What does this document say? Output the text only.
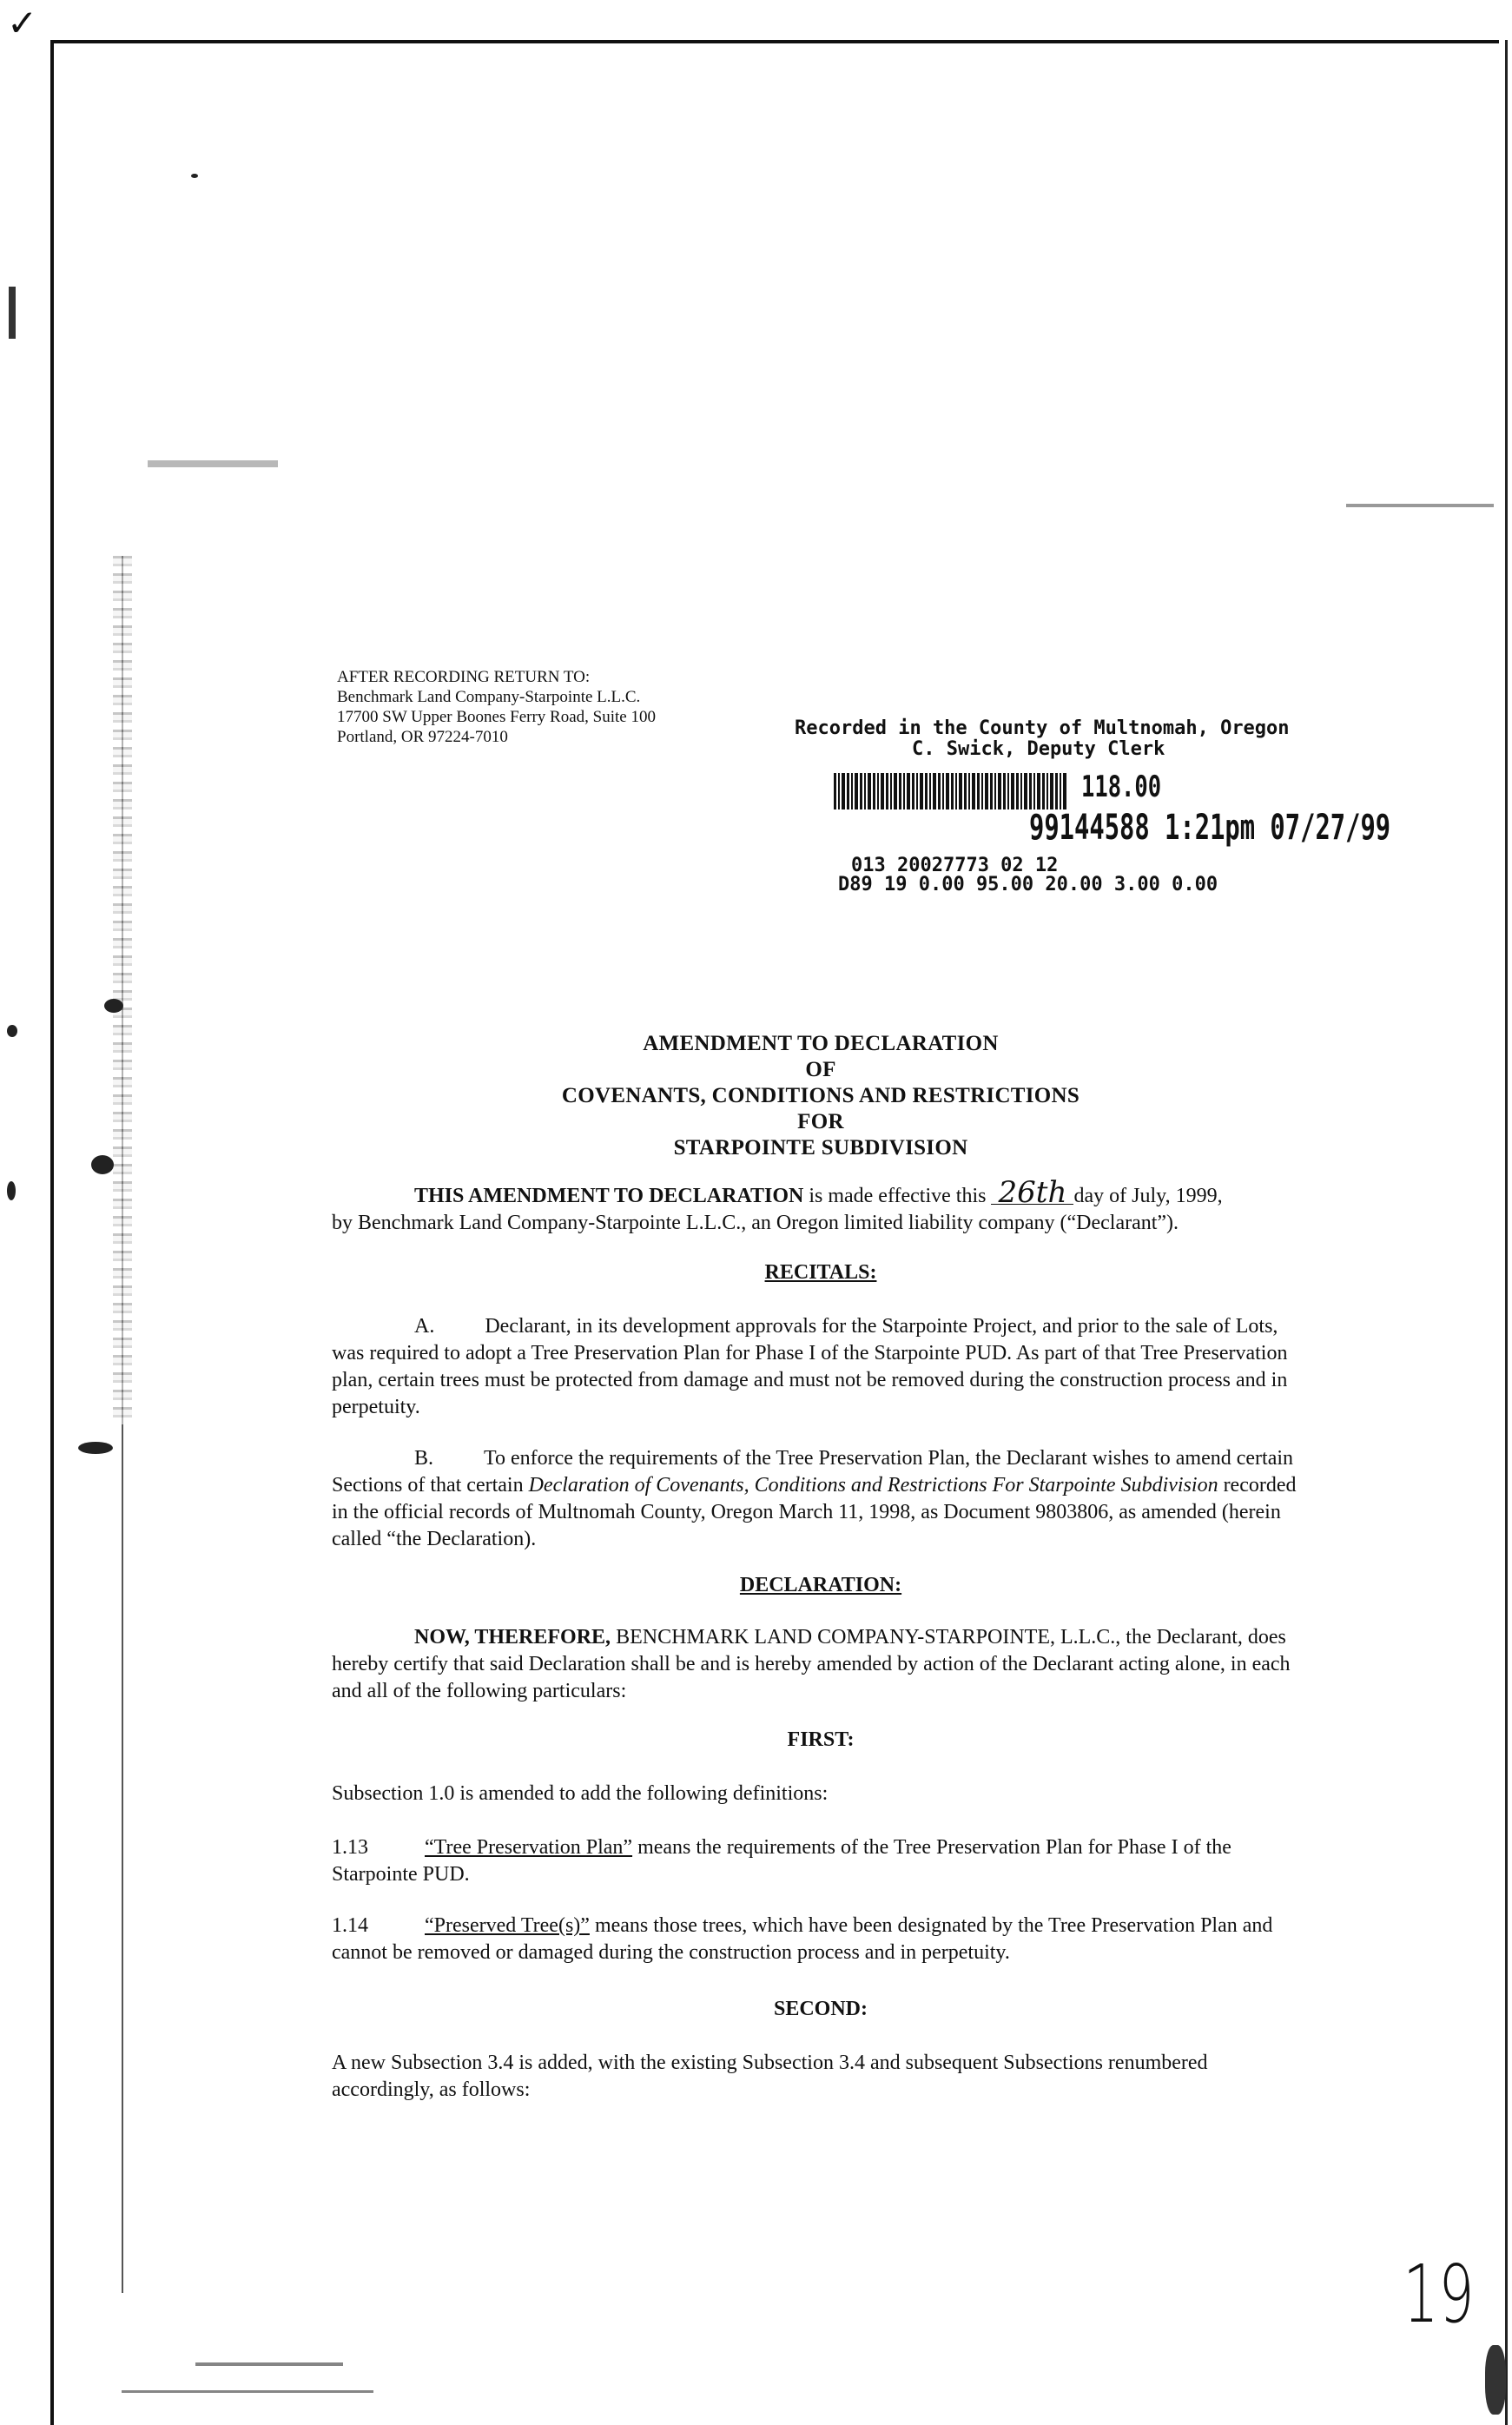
✓
AFTER RECORDING RETURN TO:
Benchmark Land Company-Starpointe L.L.C.
17700 SW Upper Boones Ferry Road, Suite 100
Portland, OR 97224-7010	Recorded in the County of Multnomah, Oregon
C. Swick, Deputy Clerk
118.00
99144588 1:21pm 07/27/99
013 20027773 02 12
D89 19 0.00 95.00 20.00 3.00 0.00
AMENDMENT TO DECLARATION
OF
COVENANTS, CONDITIONS AND RESTRICTIONS
FOR
STARPOINTE SUBDIVISION
THIS AMENDMENT TO DECLARATION is made effective this 26th day of July, 1999,
by Benchmark Land Company-Starpointe L.L.C., an Oregon limited liability company (“Declarant”).
RECITALS:
A. Declarant, in its development approvals for the Starpointe Project, and prior to the sale of Lots, was required to adopt a Tree Preservation Plan for Phase I of the Starpointe PUD. As part of that Tree Preservation plan, certain trees must be protected from damage and must not be removed during the construction process and in perpetuity.
B. To enforce the requirements of the Tree Preservation Plan, the Declarant wishes to amend certain Sections of that certain Declaration of Covenants, Conditions and Restrictions For Starpointe Subdivision recorded in the official records of Multnomah County, Oregon March 11, 1998, as Document 9803806, as amended (herein called “the Declaration).
DECLARATION:
NOW, THEREFORE, BENCHMARK LAND COMPANY-STARPOINTE, L.L.C., the Declarant, does hereby certify that said Declaration shall be and is hereby amended by action of the Declarant acting alone, in each and all of the following particulars:
FIRST:
Subsection 1.0 is amended to add the following definitions:
1.13	“Tree Preservation Plan” means the requirements of the Tree Preservation Plan for Phase I of the Starpointe PUD.
1.14	“Preserved Tree(s)” means those trees, which have been designated by the Tree Preservation Plan and cannot be removed or damaged during the construction process and in perpetuity.
SECOND:
A new Subsection 3.4 is added, with the existing Subsection 3.4 and subsequent Subsections renumbered accordingly, as follows:
19
